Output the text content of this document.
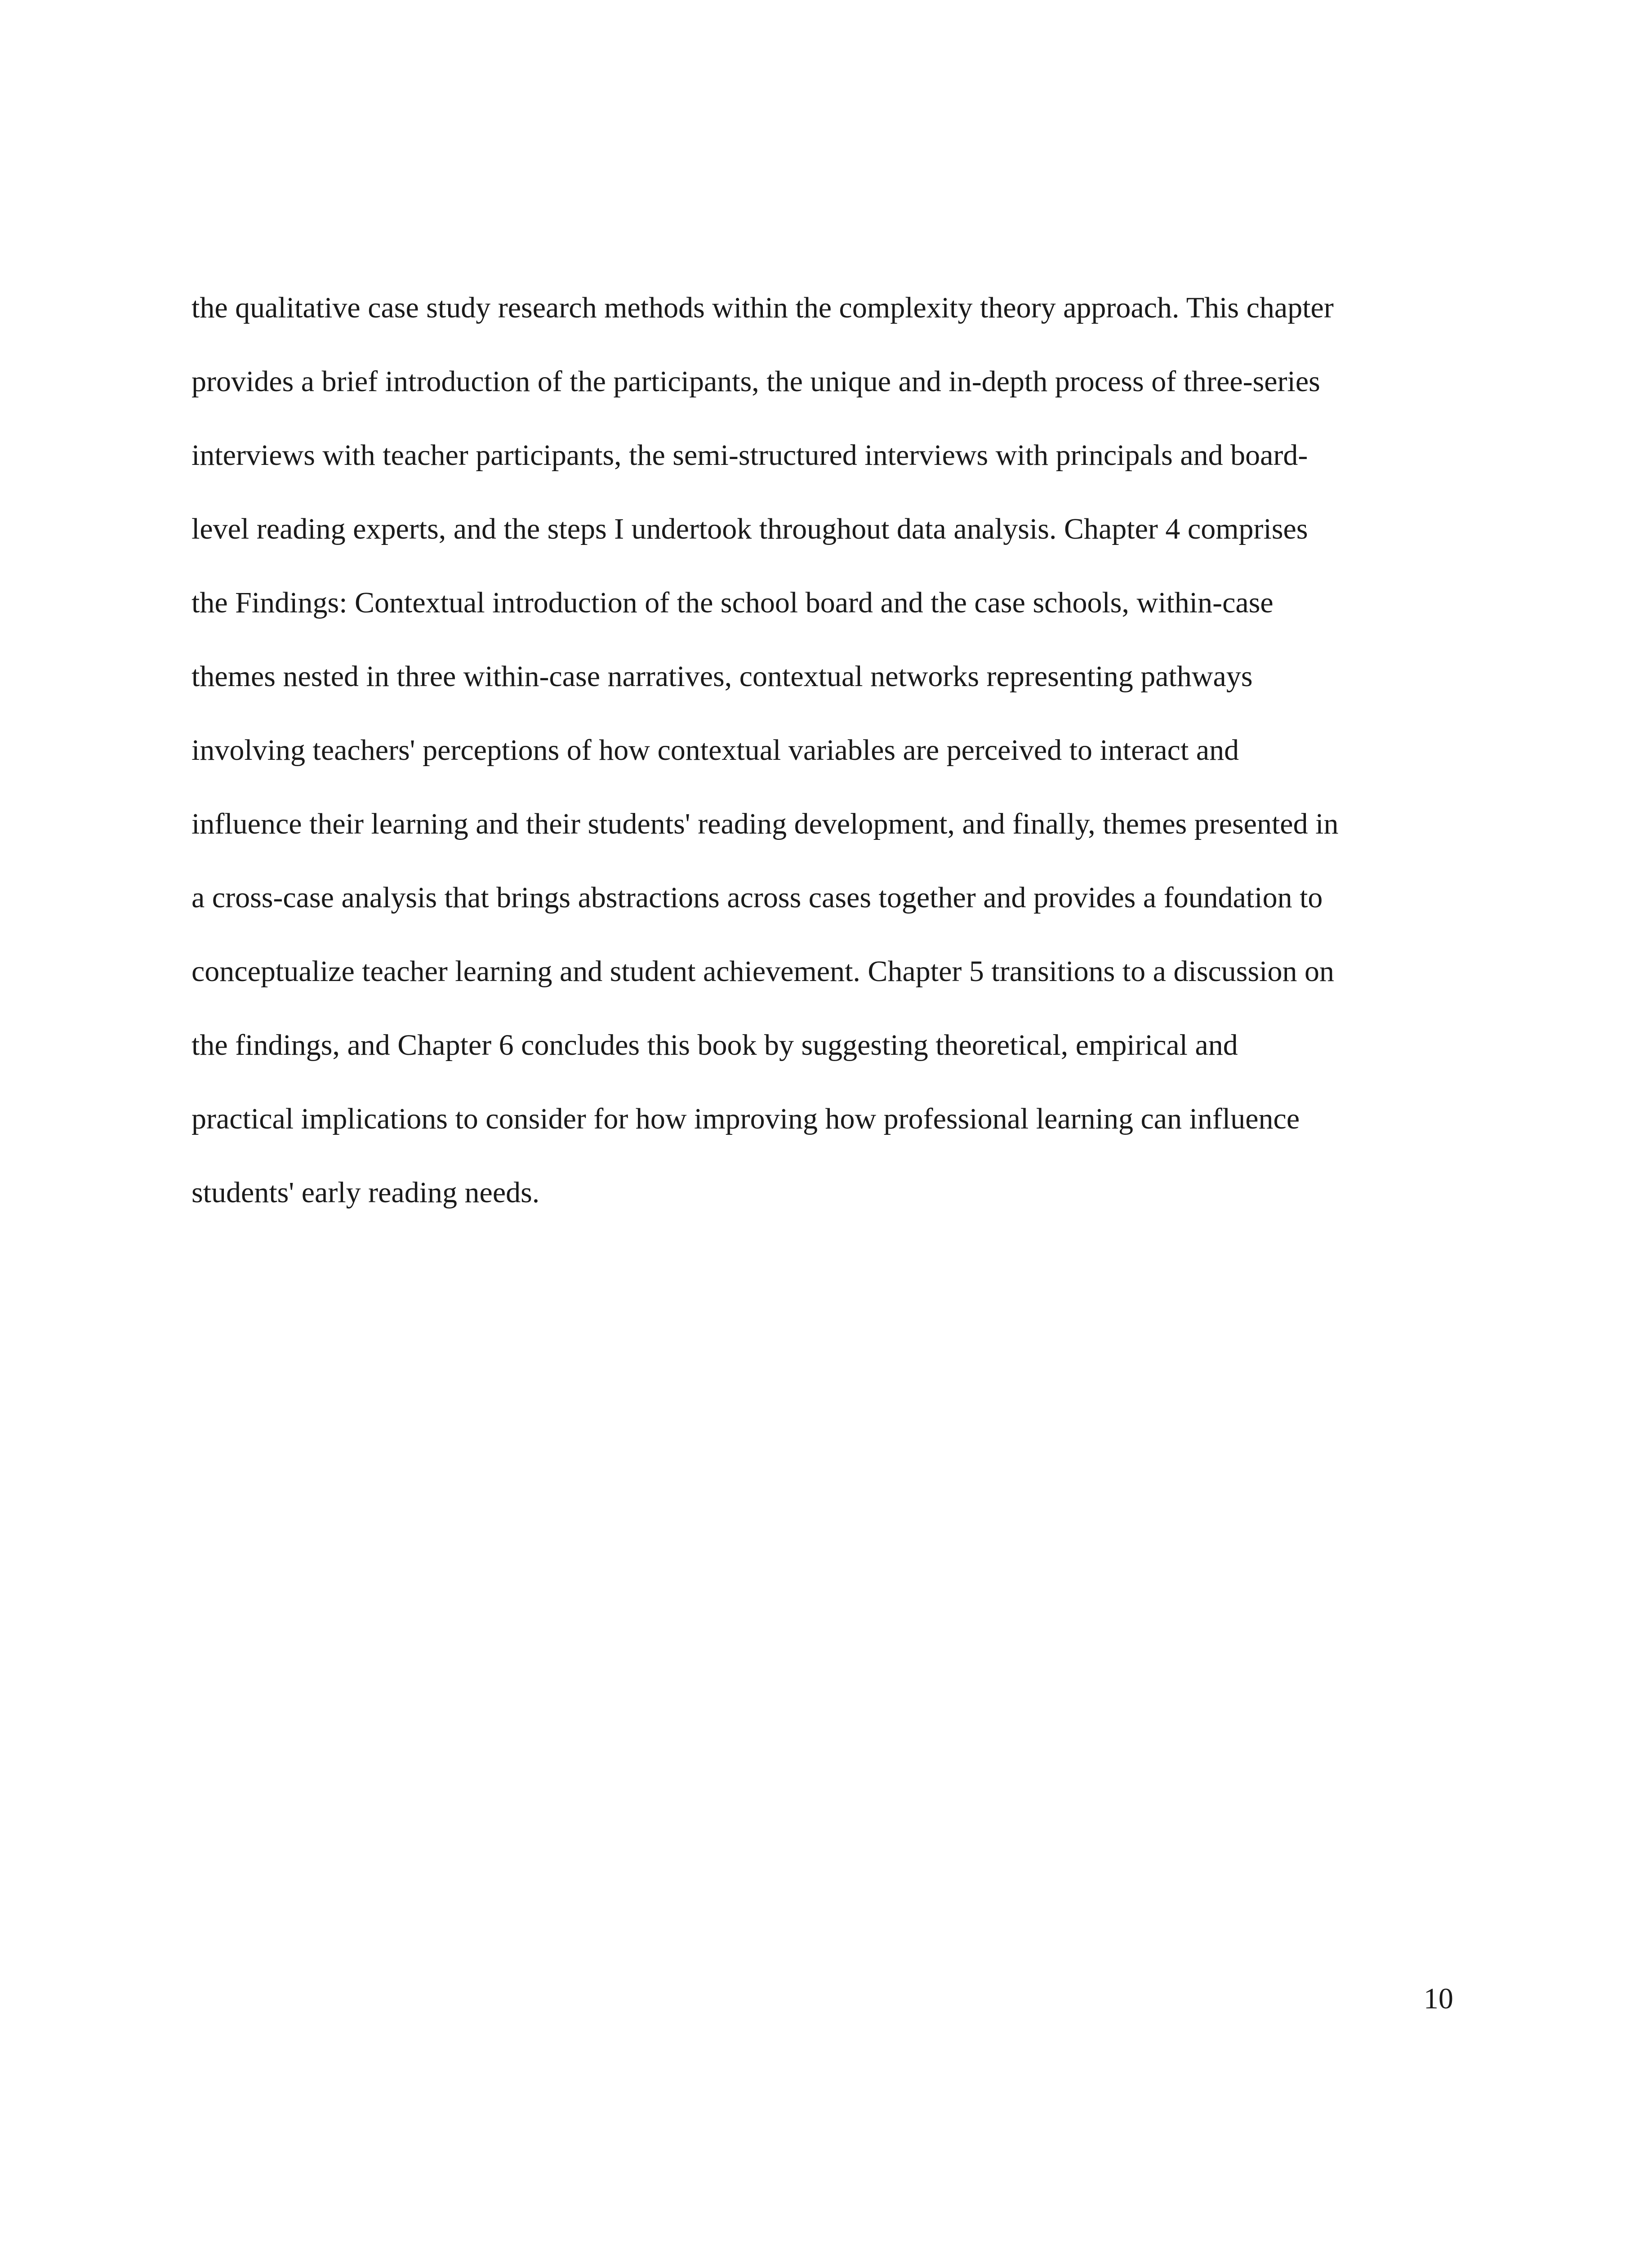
the qualitative case study research methods within the complexity theory approach. This chapter
provides a brief introduction of the participants, the unique and in-depth process of three-series
interviews with teacher participants, the semi-structured interviews with principals and board-
level reading experts, and the steps I undertook throughout data analysis. Chapter 4 comprises
the Findings: Contextual introduction of the school board and the case schools, within-case
themes nested in three within-case narratives, contextual networks representing pathways
involving teachers' perceptions of how contextual variables are perceived to interact and
influence their learning and their students' reading development, and finally, themes presented in
a cross-case analysis that brings abstractions across cases together and provides a foundation to
conceptualize teacher learning and student achievement. Chapter 5 transitions to a discussion on
the findings, and Chapter 6 concludes this book by suggesting theoretical, empirical and
practical implications to consider for how improving how professional learning can influence
students' early reading needs.

10
